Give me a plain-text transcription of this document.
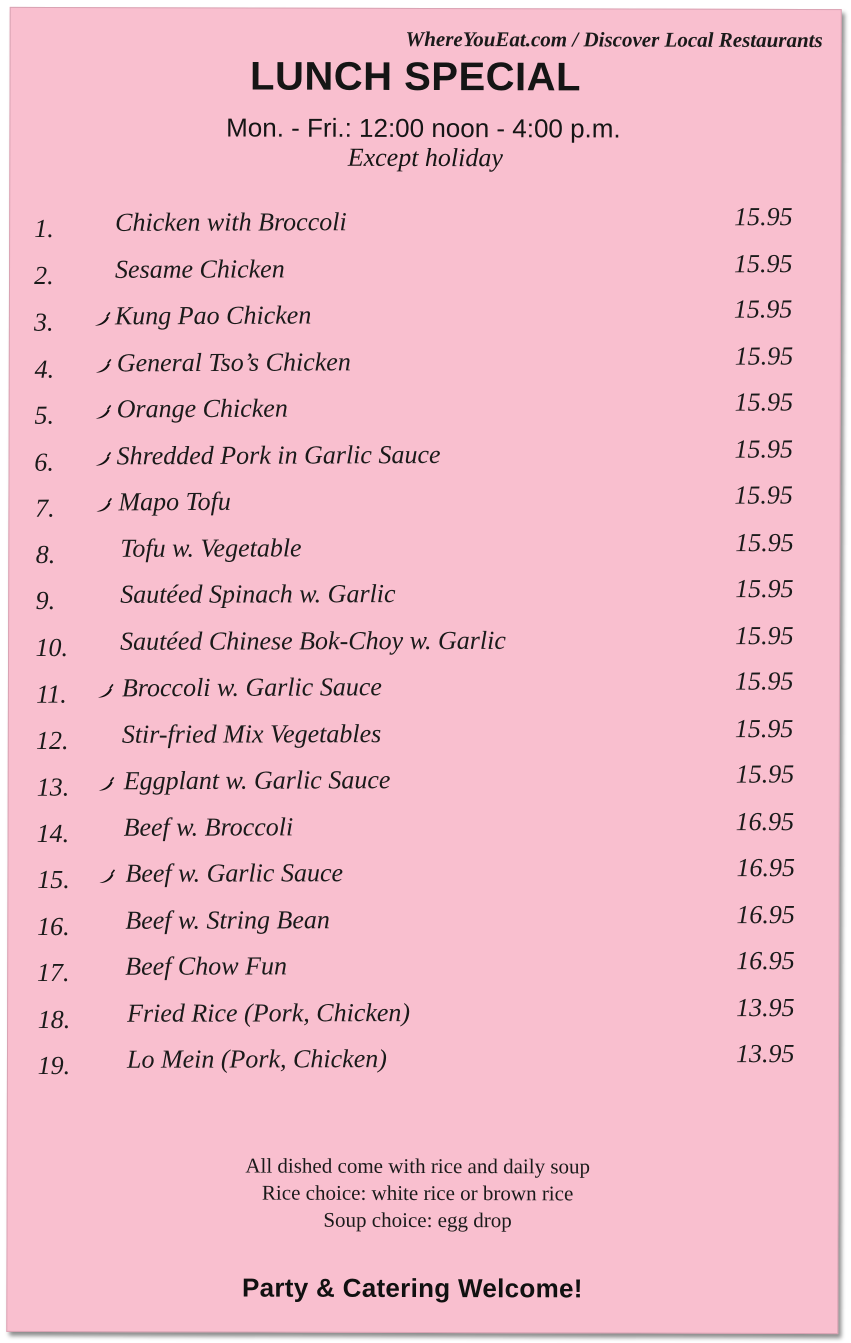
WhereYouEat.com / Discover Local Restaurants
LUNCH SPECIAL
Mon. - Fri.: 12:00 noon - 4:00 p.m.
Except holiday
1. Chicken with Broccoli	15.95
2. Sesame Chicken	15.95
3. Kung Pao Chicken	15.95
4. General Tso’s Chicken	15.95
5. Orange Chicken	15.95
6. Shredded Pork in Garlic Sauce	15.95
7. Mapo Tofu	15.95
8.	Tofu w. Vegetable	15.95
9.	Sautéed Spinach w. Garlic	15.95
10. Sautéed Chinese Bok-Choy w. Garlic	15.95
11. Broccoli w. Garlic Sauce	15.95
12. Stir-fried Mix Vegetables	15.95
13. Eggplant w. Garlic Sauce	15.95
14. Beef w. Broccoli	16.95
15. Beef w. Garlic Sauce	16.95
16. Beef w. String Bean	16.95
17. Beef Chow Fun	16.95
18. Fried Rice (Pork, Chicken)	13.95
19. Lo Mein (Pork, Chicken)	13.95
All dished come with rice and daily soup
Rice choice: white rice or brown rice
Soup choice: egg drop
Party & Catering Welcome!
